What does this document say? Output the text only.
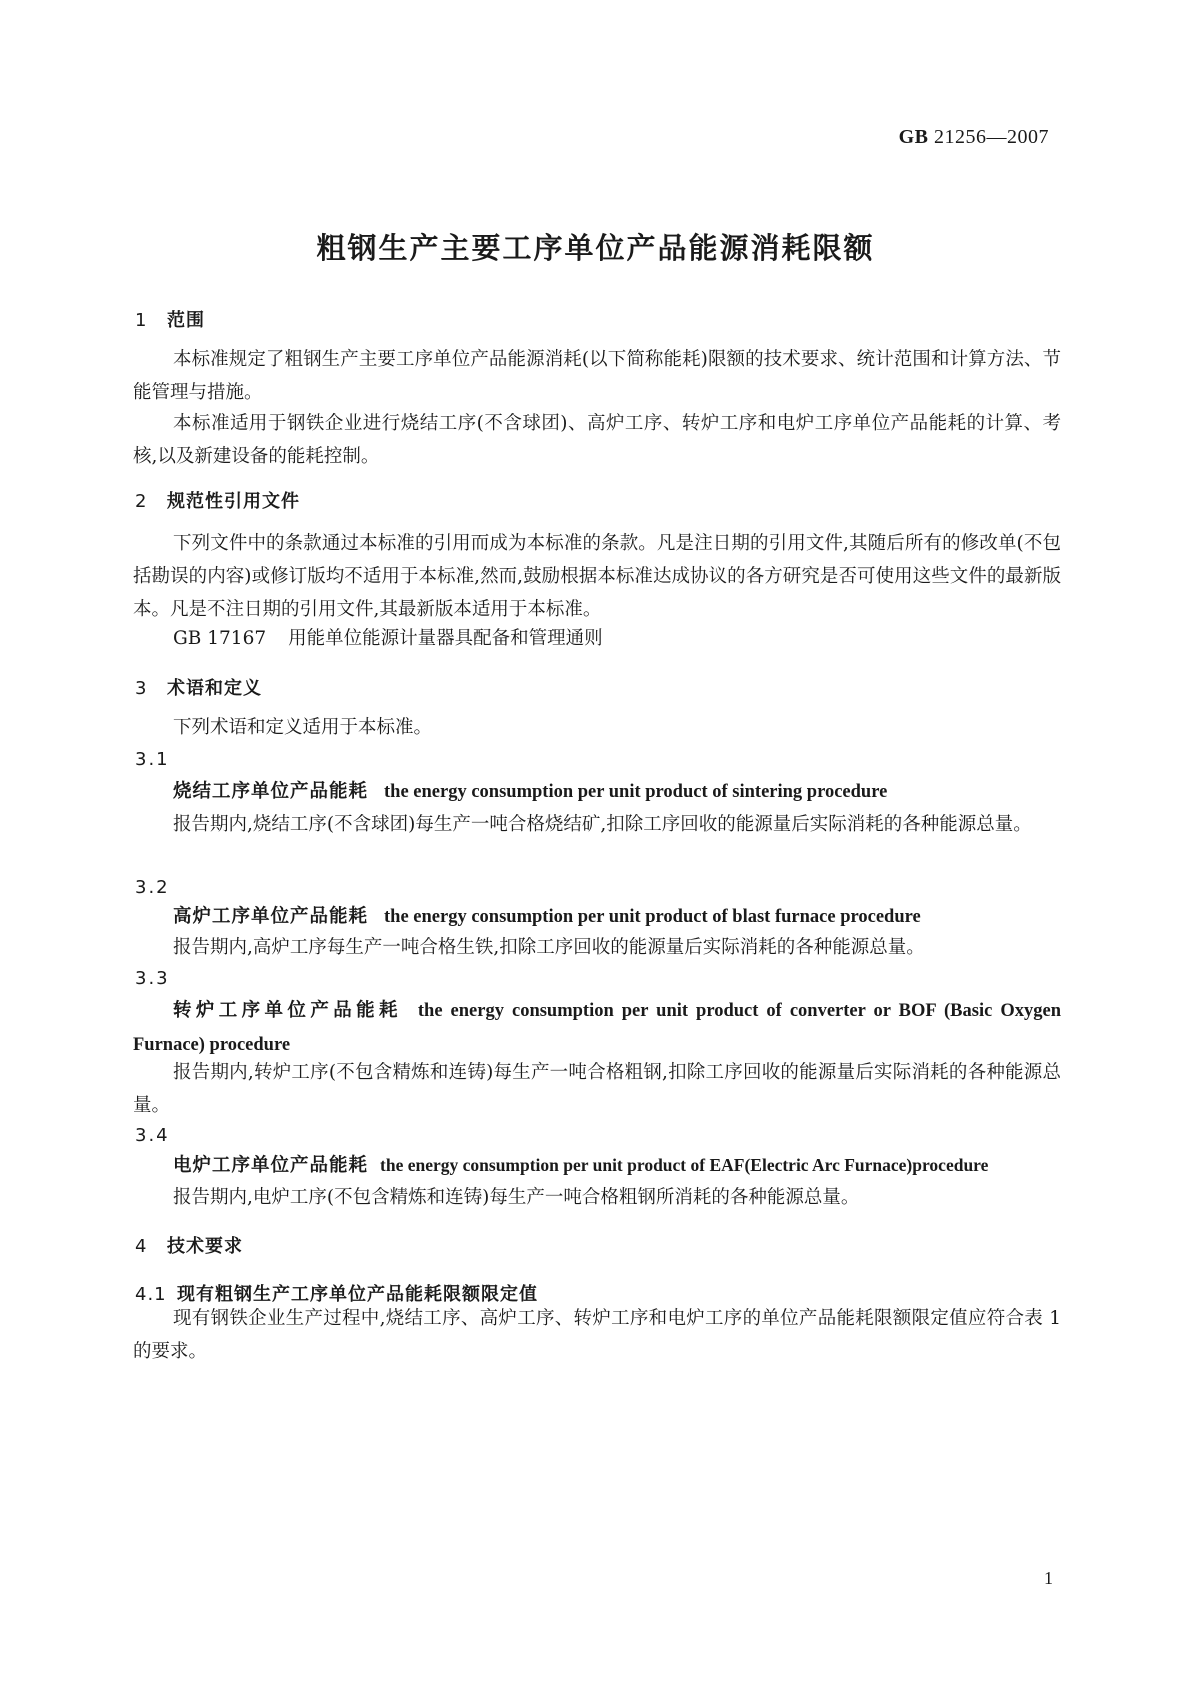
GB 21256—2007
粗钢生产主要工序单位产品能源消耗限额
1 范围
本标准规定了粗钢生产主要工序单位产品能源消耗(以下简称能耗)限额的技术要求、统计范围和计算方法、节能管理与措施。
本标准适用于钢铁企业进行烧结工序(不含球团)、高炉工序、转炉工序和电炉工序单位产品能耗的计算、考核,以及新建设备的能耗控制。
2 规范性引用文件
下列文件中的条款通过本标准的引用而成为本标准的条款。凡是注日期的引用文件,其随后所有的修改单(不包括勘误的内容)或修订版均不适用于本标准,然而,鼓励根据本标准达成协议的各方研究是否可使用这些文件的最新版本。凡是不注日期的引用文件,其最新版本适用于本标准。
GB 17167 用能单位能源计量器具配备和管理通则
3 术语和定义
下列术语和定义适用于本标准。
3.1
烧结工序单位产品能耗 the energy consumption per unit product of sintering procedure
报告期内,烧结工序(不含球团)每生产一吨合格烧结矿,扣除工序回收的能源量后实际消耗的各种能源总量。
3.2
高炉工序单位产品能耗 the energy consumption per unit product of blast furnace procedure
报告期内,高炉工序每生产一吨合格生铁,扣除工序回收的能源量后实际消耗的各种能源总量。
3.3
转炉工序单位产品能耗 the energy consumption per unit product of converter or BOF (Basic Oxygen Furnace) procedure
报告期内,转炉工序(不包含精炼和连铸)每生产一吨合格粗钢,扣除工序回收的能源量后实际消耗的各种能源总量。
3.4
电炉工序单位产品能耗 the energy consumption per unit product of EAF(Electric Arc Furnace)procedure
报告期内,电炉工序(不包含精炼和连铸)每生产一吨合格粗钢所消耗的各种能源总量。
4 技术要求
4.1 现有粗钢生产工序单位产品能耗限额限定值
现有钢铁企业生产过程中,烧结工序、高炉工序、转炉工序和电炉工序的单位产品能耗限额限定值应符合表 1 的要求。
1
